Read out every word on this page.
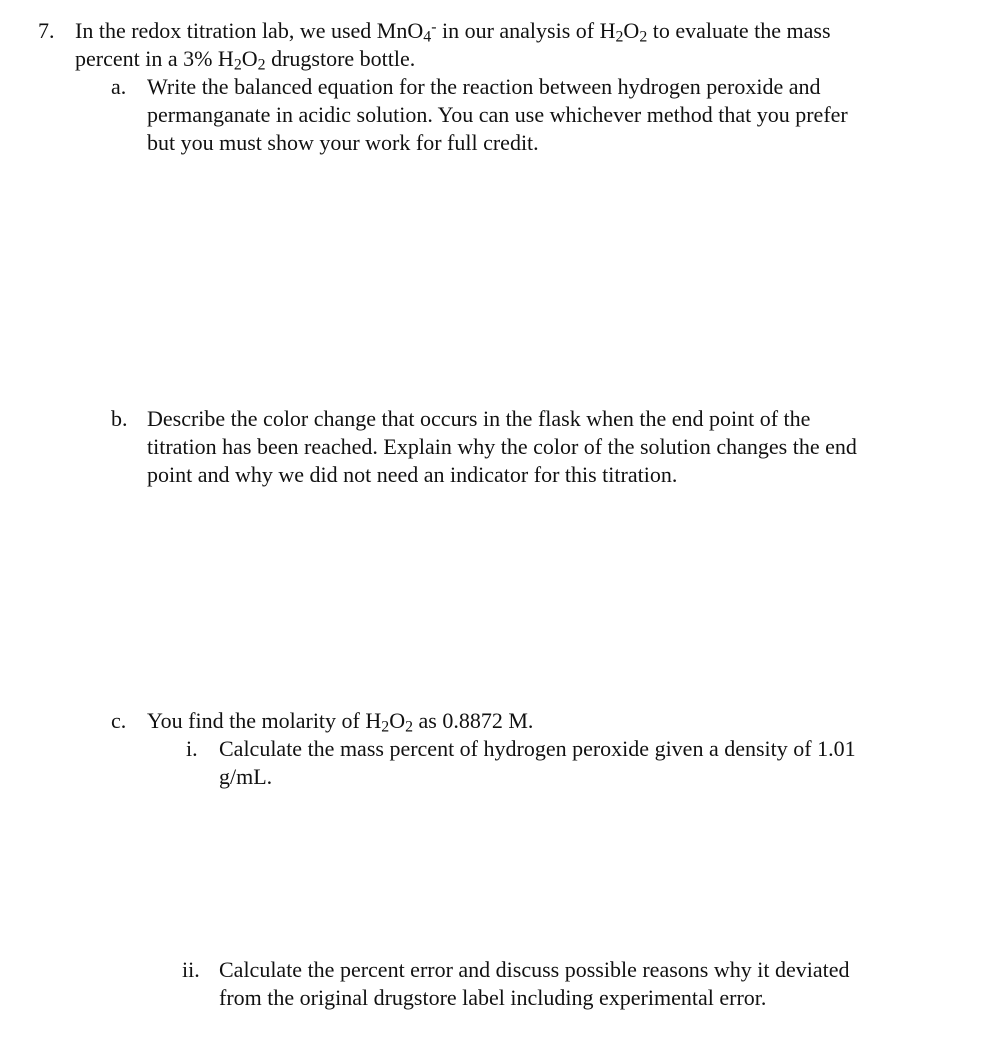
7. In the redox titration lab, we used MnO$_4$- in our analysis of $H_2O_2$ to evaluate the mass
percent in a 3% $H_2O_2$ drugstore bottle.
a. Write the balanced equation for the reaction between hydrogen peroxide and
permanganate in acidic solution. You can use whichever method that you prefer
but you must show your work for full credit.
b. Describe the color change that occurs in the flask when the end point of the
titration has been reached. Explain why the color of the solution changes the end
point and why we did not need an indicator for this titration.
c. You find the molarity of $H_2O_2$ as 0.8872 M.
i. Calculate the mass percent of hydrogen peroxide given a density of 1.01
g/mL.
ii. Calculate the percent error and discuss possible reasons why it deviated
from the original drugstore label including experimental error.
